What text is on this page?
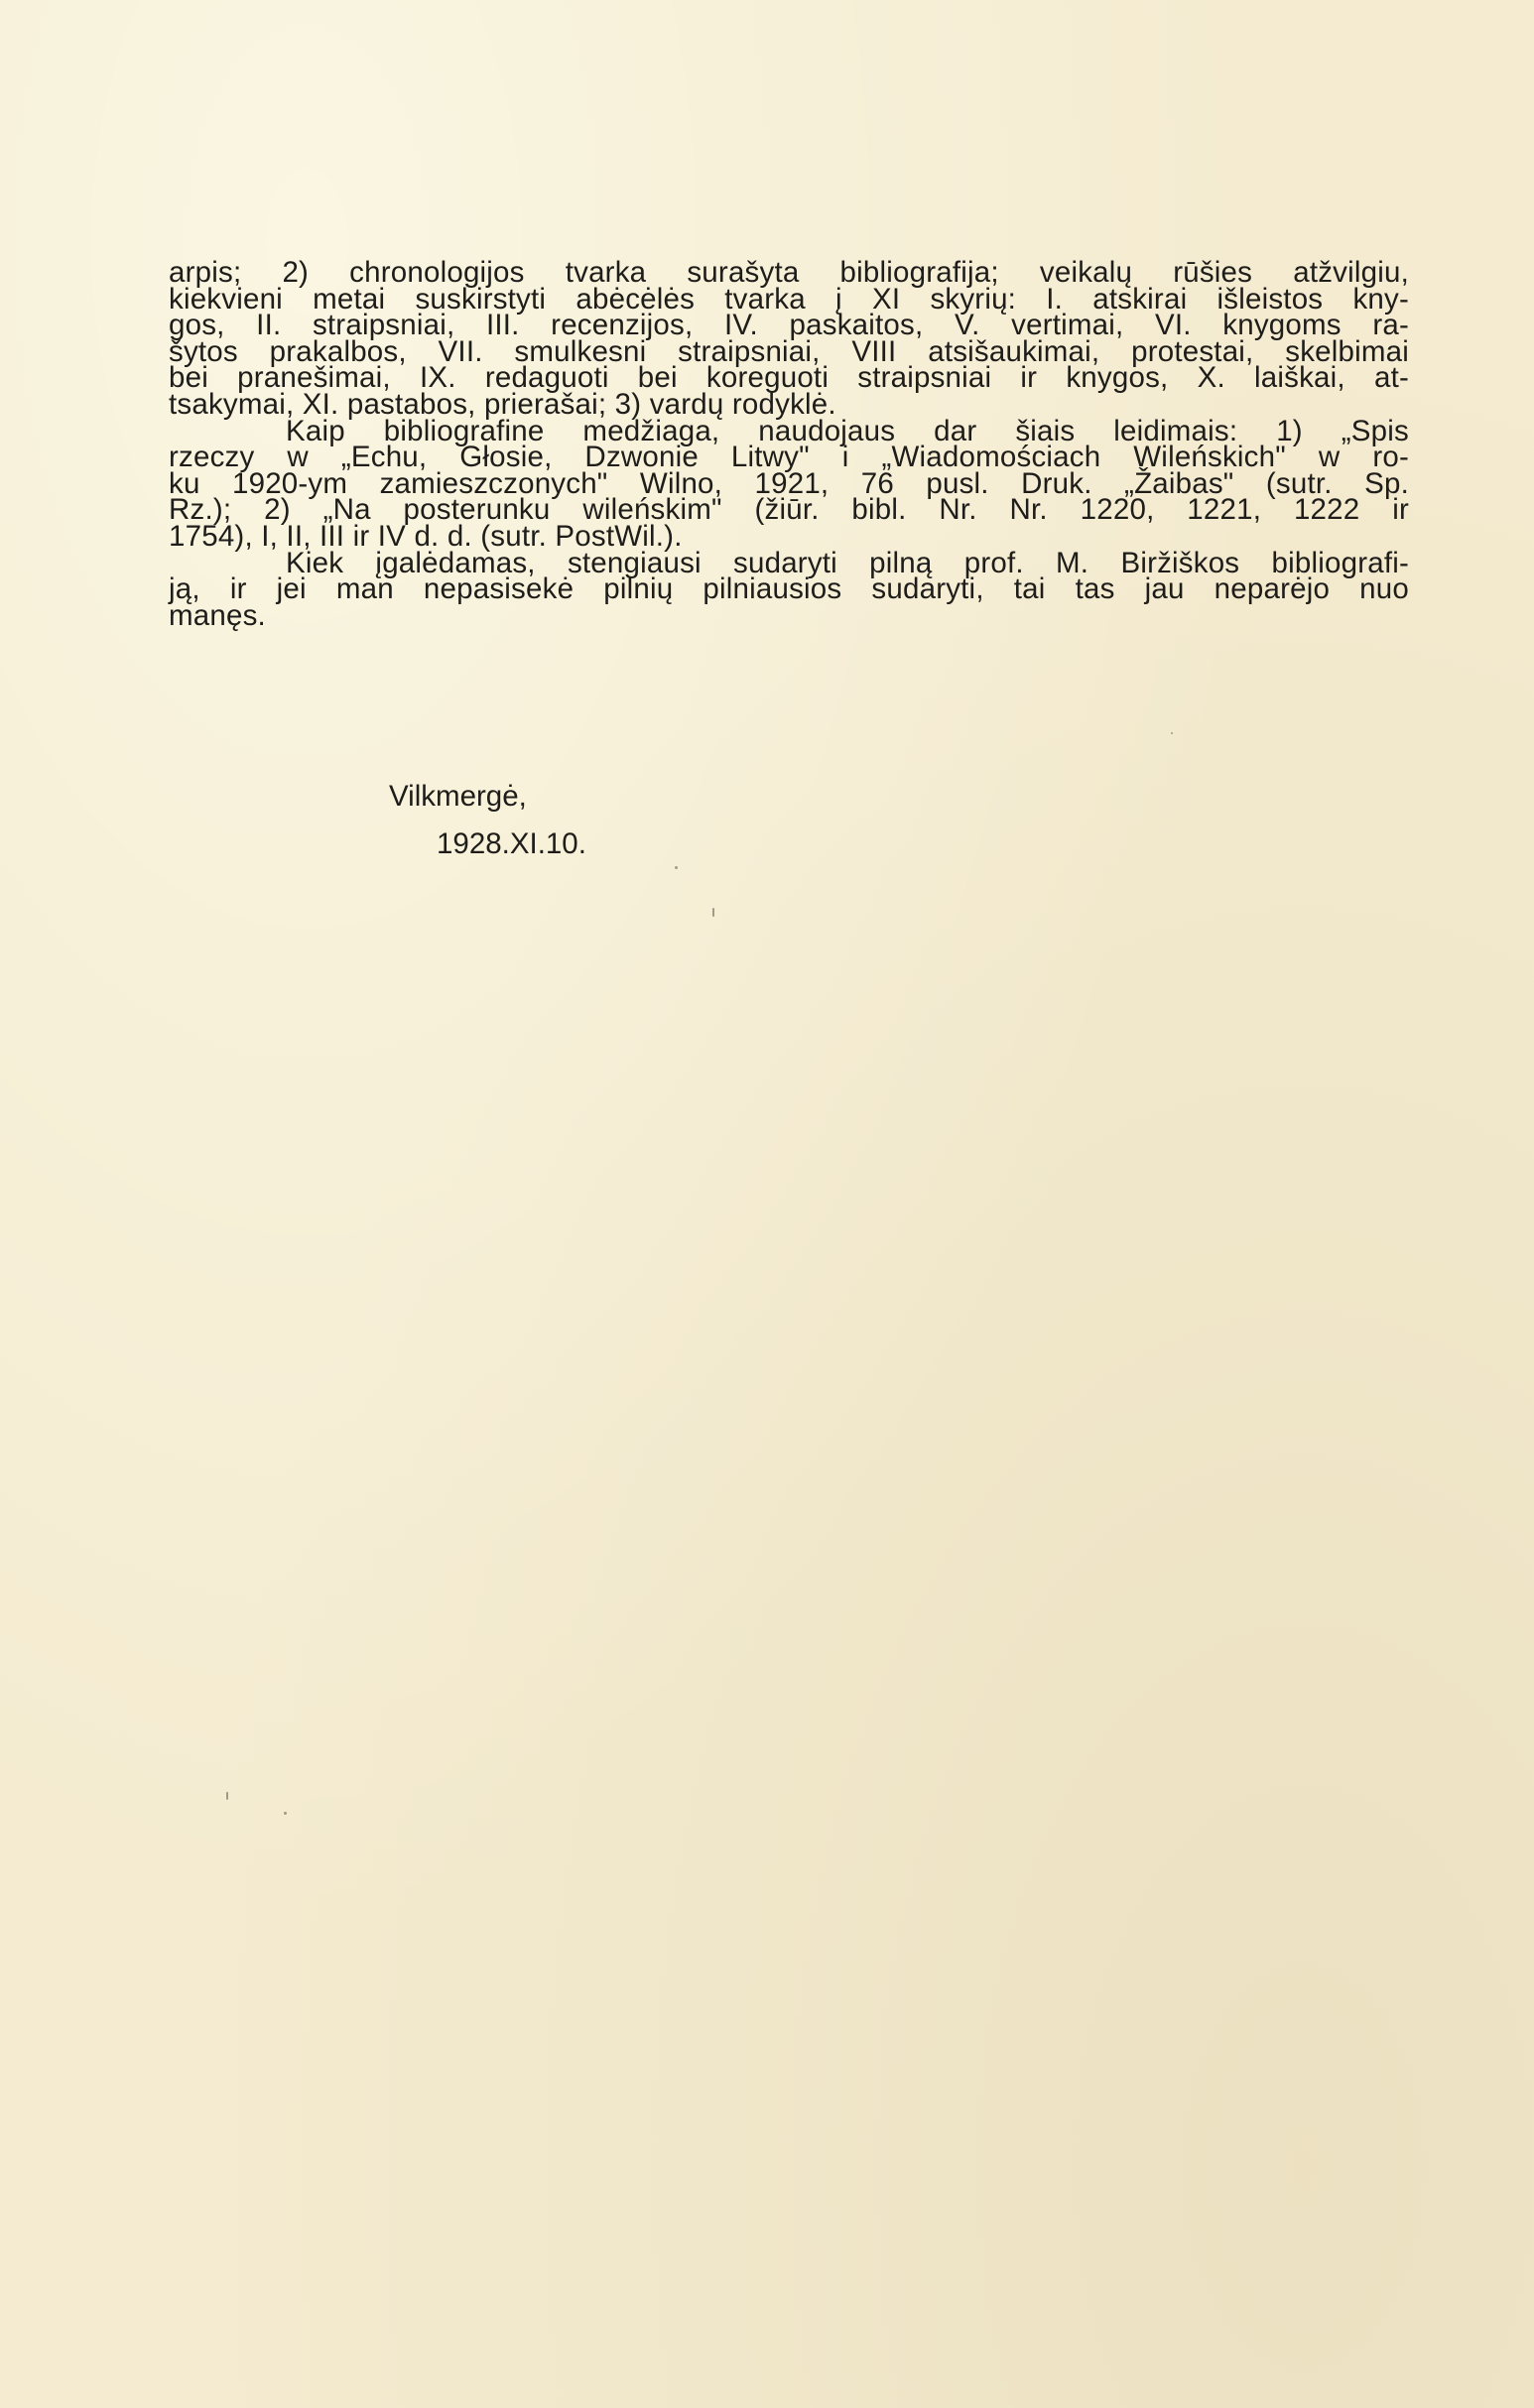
arpis; 2) chronologijos tvarka surašyta bibliografija; veikalų rūšies atžvilgiu,
kiekvieni metai suskirstyti abėcėlės tvarka į XI skyrių: I. atskirai išleistos kny-
gos, II. straipsniai, III. recenzijos, IV. paskaitos, V. vertimai, VI. knygoms ra-
šytos prakalbos, VII. smulkesni straipsniai, VIII atsišaukimai, protestai, skelbimai
bei pranešimai, IX. redaguoti bei koreguoti straipsniai ir knygos, X. laiškai, at-
tsakymai, XI. pastabos, prierašai; 3) vardų rodyklė.
Kaip bibliografine medžiaga, naudojaus dar šiais leidimais: 1) „Spis
rzeczy w „Echu, Głosie, Dzwonie Litwy" i „Wiadomościach Wileńskich" w ro-
ku 1920-ym zamieszczonych" Wilno, 1921, 76 pusl. Druk. „Žaibas" (sutr. Sp.
Rz.); 2) „Na posterunku wileńskim" (žiūr. bibl. Nr. Nr. 1220, 1221, 1222 ir
1754), I, II, III ir IV d. d. (sutr. PostWil.).
Kiek įgalėdamas, stengiausi sudaryti pilną prof. M. Biržiškos bibliografi-
ją, ir jei man nepasisekė pilnių pilniausios sudaryti, tai tas jau neparėjo nuo
manęs.
Vilkmergė,
1928.XI.10.
